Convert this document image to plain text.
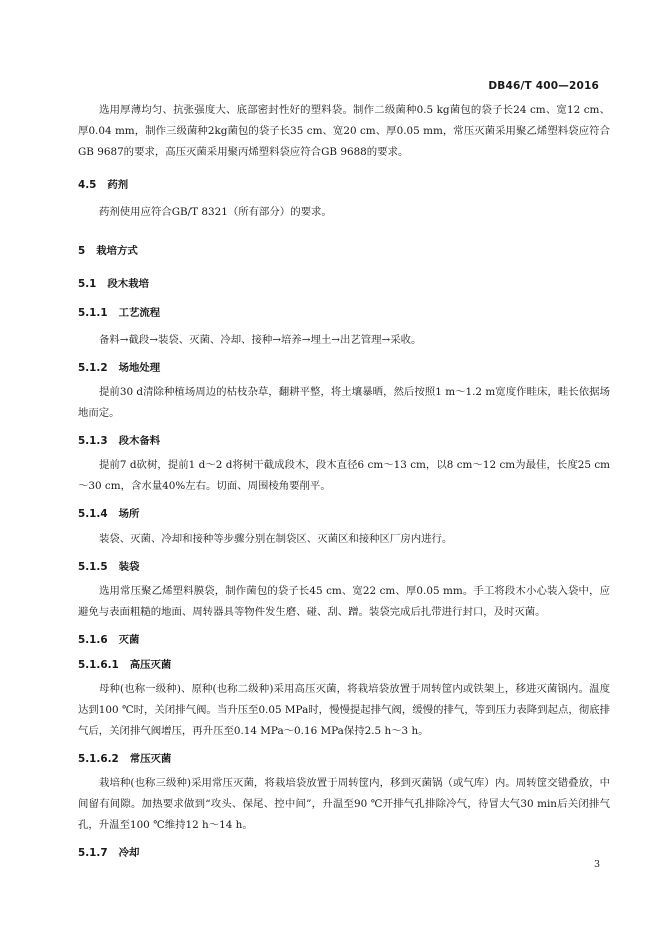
DB46/T 400—2016

选用厚薄均匀、抗张强度大、底部密封性好的塑料袋。制作二级菌种0.5 kg菌包的袋子长24 cm、宽12 cm、厚0.04 mm，制作三级菌种2kg菌包的袋子长35 cm、宽20 cm、厚0.05 mm，常压灭菌采用聚乙烯塑料袋应符合GB 9687的要求，高压灭菌采用聚丙烯塑料袋应符合GB 9688的要求。

4.5 药剂

药剂使用应符合GB/T 8321（所有部分）的要求。

5 栽培方式
5.1 段木栽培
5.1.1 工艺流程

备料→截段→装袋、灭菌、冷却、接种→培养→埋土→出艺管理→采收。

5.1.2 场地处理

提前30 d清除种植场周边的枯枝杂草，翻耕平整，将土壤暴晒，然后按照1 m～1.2 m宽度作畦床，畦长依据场地而定。

5.1.3 段木备料

提前7 d砍树，提前1 d～2 d将树干截成段木，段木直径6 cm～13 cm，以8 cm～12 cm为最佳，长度25 cm～30 cm，含水量40%左右。切面、周围棱角要削平。

5.1.4 场所

装袋、灭菌、冷却和接种等步骤分别在制袋区、灭菌区和接种区厂房内进行。

5.1.5 装袋

选用常压聚乙烯塑料膜袋，制作菌包的袋子长45 cm、宽22 cm、厚0.05 mm。手工将段木小心装入袋中，应避免与表面粗糙的地面、周转器具等物件发生磨、碰、刮、蹭。装袋完成后扎带进行封口，及时灭菌。

5.1.6 灭菌
5.1.6.1 高压灭菌

母种(也称一级种)、原种(也称二级种)采用高压灭菌，将栽培袋放置于周转筐内或铁架上，移进灭菌锅内。温度达到100 ℃时，关闭排气阀。当升压至0.05 MPa时，慢慢提起排气阀，缓慢的排气，等到压力表降到起点，彻底排气后，关闭排气阀增压，再升压至0.14 MPa～0.16 MPa保持2.5 h～3 h。

5.1.6.2 常压灭菌

栽培种(也称三级种)采用常压灭菌，将栽培袋放置于周转筐内，移到灭菌锅（或气库）内。周转筐交错叠放，中间留有间隙。加热要求做到“攻头、保尾、控中间”，升温至90 ℃开排气孔排除冷气，待冒大气30 min后关闭排气孔，升温至100 ℃维持12 h～14 h。

5.1.7 冷却
3
